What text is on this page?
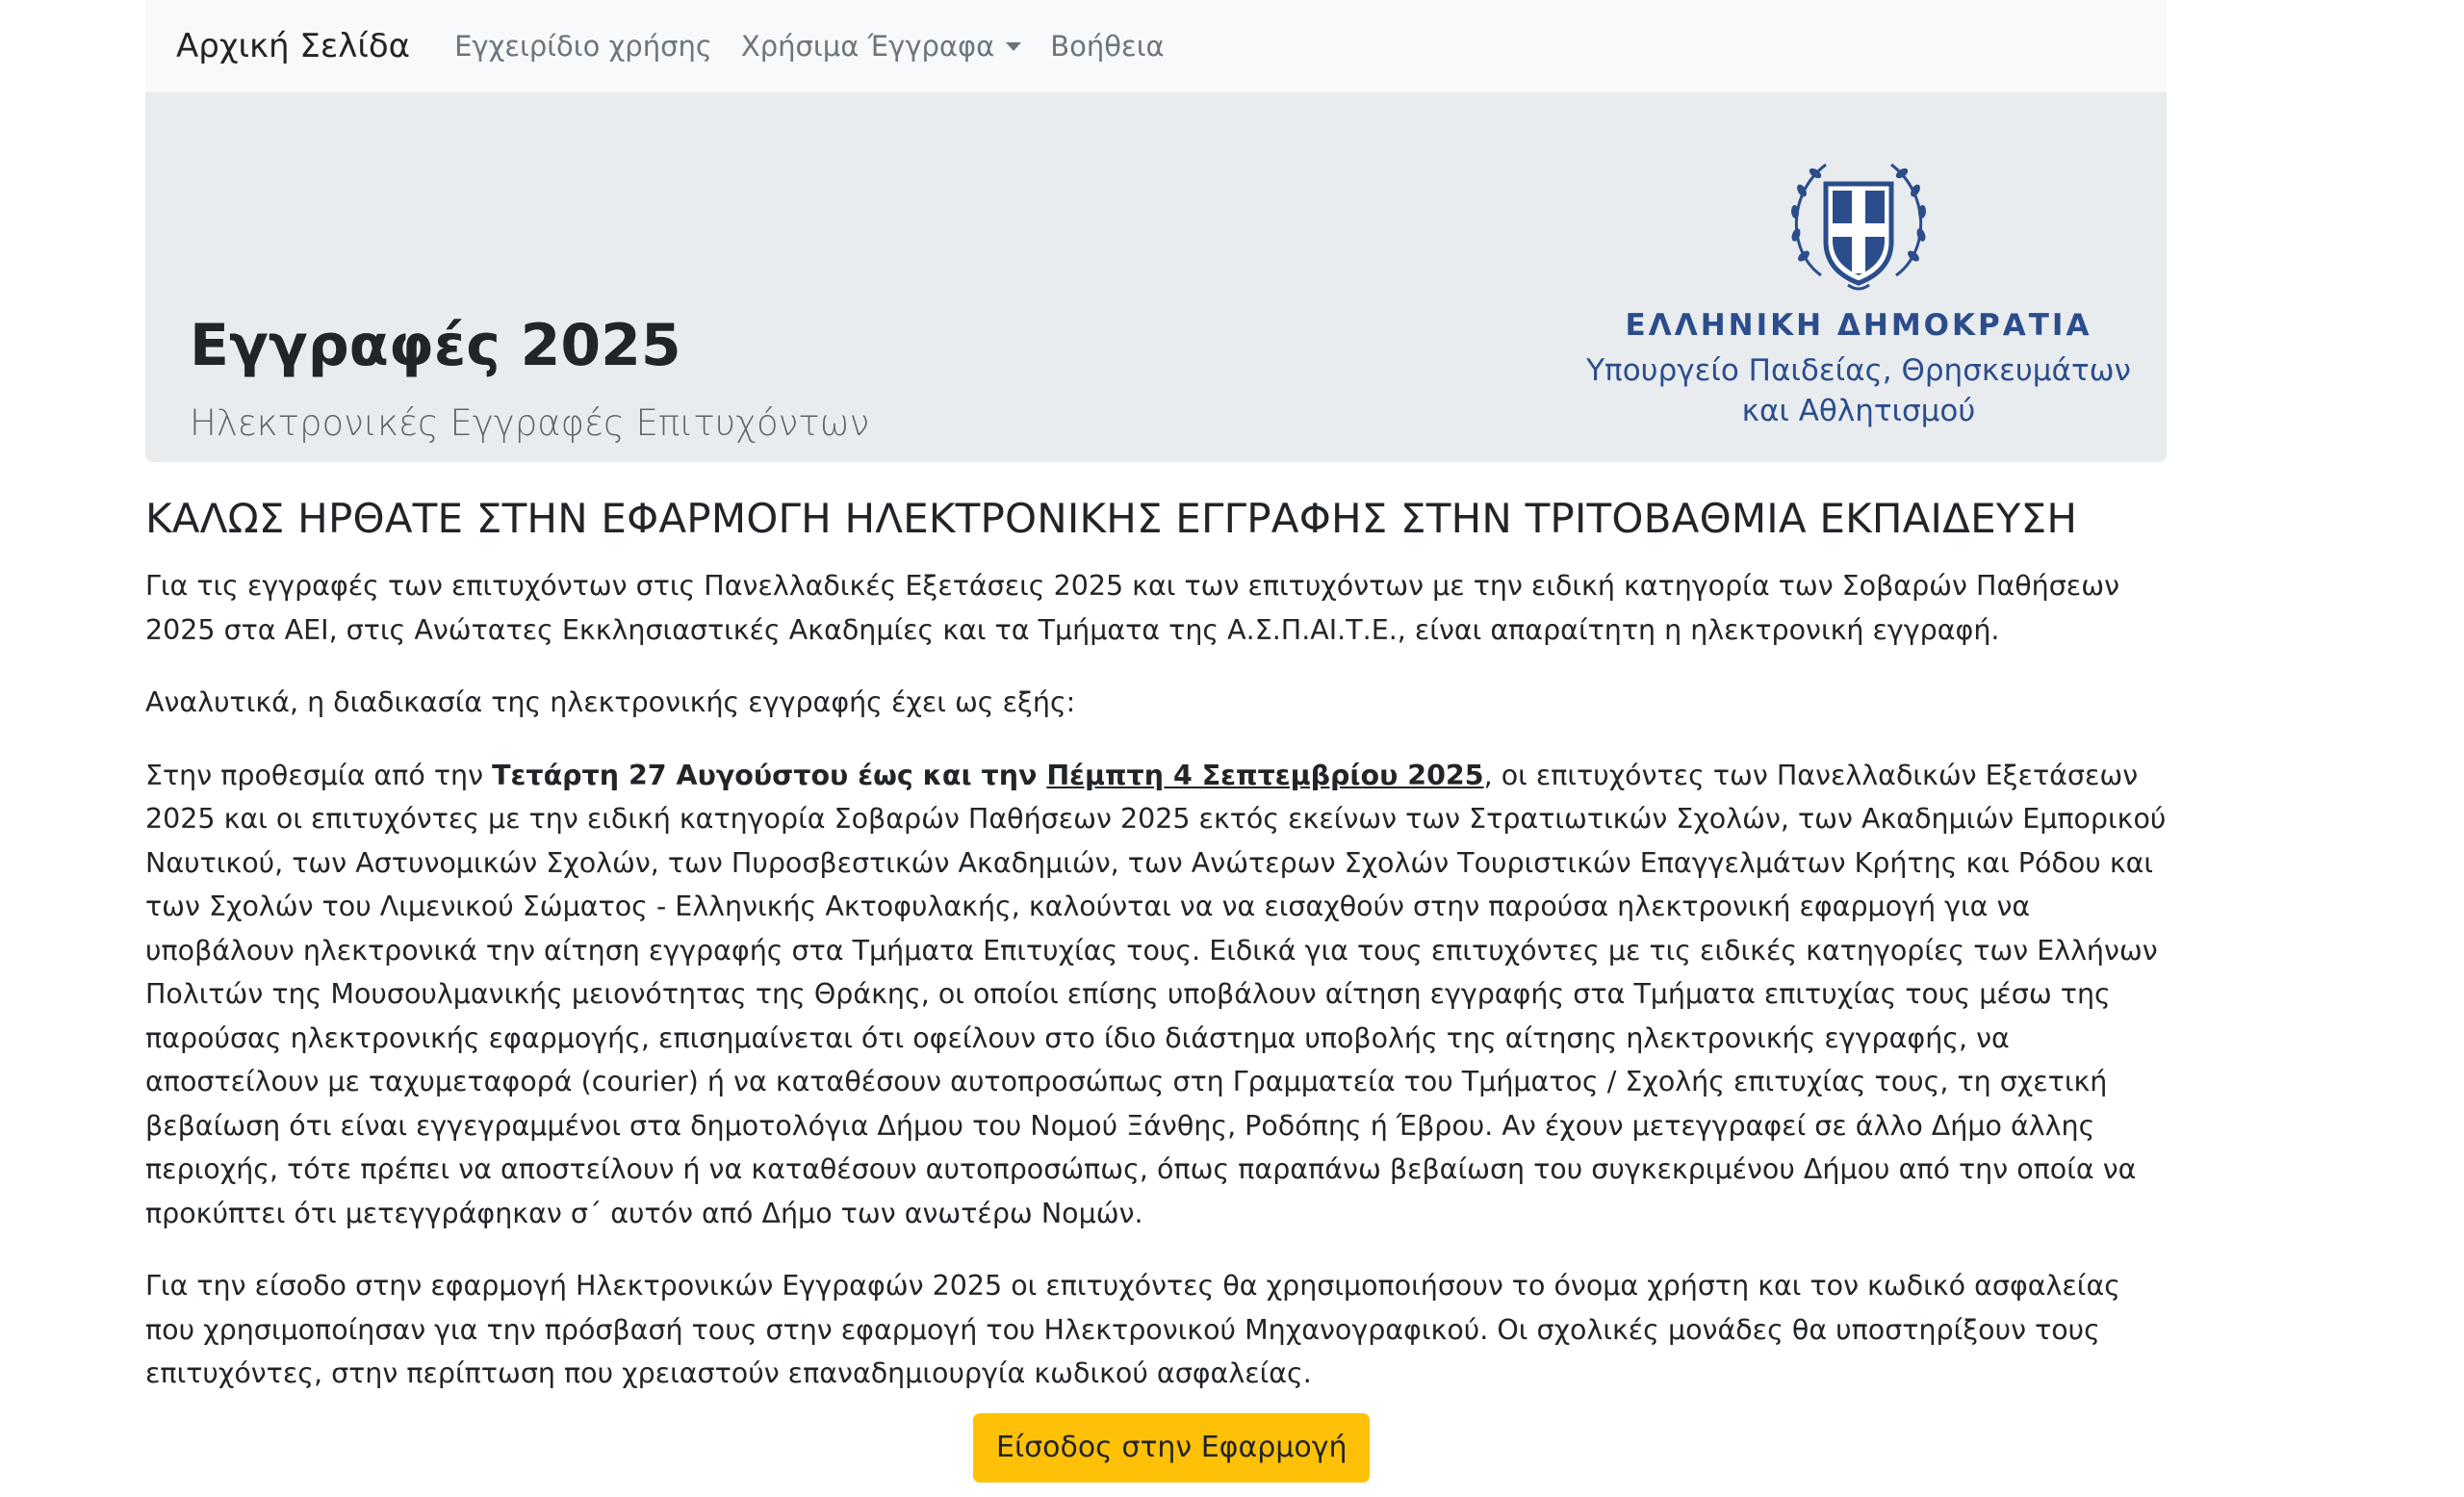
Αρχική Σελίδα Εγχειρίδιο χρήσης Χρήσιμα Έγγραφα Βοήθεια
Εγγραφές 2025
Ηλεκτρονικές Εγγραφές Επιτυχόντων
ΕΛΛΗΝΙΚΗ ΔΗΜΟΚΡΑΤΙΑ
Υπουργείο Παιδείας, Θρησκευμάτων
και Αθλητισμού
ΚΑΛΩΣ ΗΡΘΑΤΕ ΣΤΗΝ ΕΦΑΡΜΟΓΗ ΗΛΕΚΤΡΟΝΙΚΗΣ ΕΓΓΡΑΦΗΣ ΣΤΗΝ ΤΡΙΤΟΒΑΘΜΙΑ ΕΚΠΑΙΔΕΥΣΗ

Για τις εγγραφές των επιτυχόντων στις Πανελλαδικές Εξετάσεις 2025 και των επιτυχόντων με την ειδική κατηγορία των Σοβαρών Παθήσεων 2025 στα ΑΕΙ, στις Ανώτατες Εκκλησιαστικές Ακαδημίες και τα Τμήματα της Α.Σ.Π.ΑΙ.Τ.Ε., είναι απαραίτητη η ηλεκτρονική εγγραφή.

Αναλυτικά, η διαδικασία της ηλεκτρονικής εγγραφής έχει ως εξής:

Στην προθεσμία από την Τετάρτη 27 Αυγούστου έως και την Πέμπτη 4 Σεπτεμβρίου 2025, οι επιτυχόντες των Πανελλαδικών Εξετάσεων 2025 και οι επιτυχόντες με την ειδική κατηγορία Σοβαρών Παθήσεων 2025 εκτός εκείνων των Στρατιωτικών Σχολών, των Ακαδημιών Εμπορικού Ναυτικού, των Αστυνομικών Σχολών, των Πυροσβεστικών Ακαδημιών, των Ανώτερων Σχολών Τουριστικών Επαγγελμάτων Κρήτης και Ρόδου και των Σχολών του Λιμενικού Σώματος - Ελληνικής Ακτοφυλακής, καλούνται να να εισαχθούν στην παρούσα ηλεκτρονική εφαρμογή για να υποβάλουν ηλεκτρονικά την αίτηση εγγραφής στα Τμήματα Επιτυχίας τους. Ειδικά για τους επιτυχόντες με τις ειδικές κατηγορίες των Ελλήνων Πολιτών της Μουσουλμανικής μειονότητας της Θράκης, οι οποίοι επίσης υποβάλουν αίτηση εγγραφής στα Τμήματα επιτυχίας τους μέσω της παρούσας ηλεκτρονικής εφαρμογής, επισημαίνεται ότι οφείλουν στο ίδιο διάστημα υποβολής της αίτησης ηλεκτρονικής εγγραφής, να αποστείλουν με ταχυμεταφορά (courier) ή να καταθέσουν αυτοπροσώπως στη Γραμματεία του Τμήματος / Σχολής επιτυχίας τους, τη σχετική βεβαίωση ότι είναι εγγεγραμμένοι στα δημοτολόγια Δήμου του Νομού Ξάνθης, Ροδόπης ή Έβρου. Αν έχουν μετεγγραφεί σε άλλο Δήμο άλλης περιοχής, τότε πρέπει να αποστείλουν ή να καταθέσουν αυτοπροσώπως, όπως παραπάνω βεβαίωση του συγκεκριμένου Δήμου από την οποία να προκύπτει ότι μετεγγράφηκαν σ΄ αυτόν από Δήμο των ανωτέρω Νομών.

Για την είσοδο στην εφαρμογή Ηλεκτρονικών Εγγραφών 2025 οι επιτυχόντες θα χρησιμοποιήσουν το όνομα χρήστη και τον κωδικό ασφαλείας που χρησιμοποίησαν για την πρόσβασή τους στην εφαρμογή του Ηλεκτρονικού Μηχανογραφικού. Οι σχολικές μονάδες θα υποστηρίξουν τους επιτυχόντες, στην περίπτωση που χρειαστούν επαναδημιουργία κωδικού ασφαλείας.

Είσοδος στην Εφαρμογή
